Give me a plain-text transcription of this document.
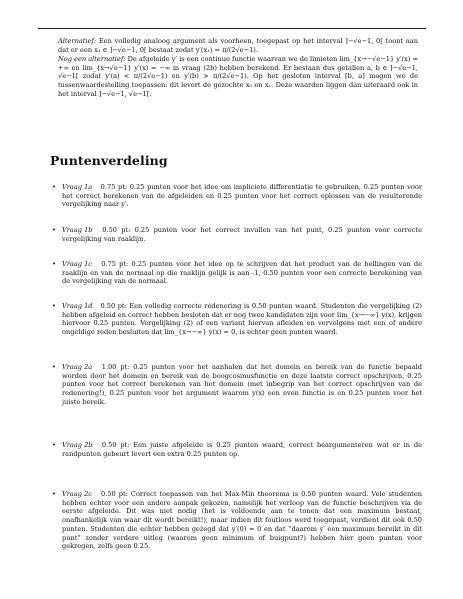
Alternatief: Een volledig analoog argument als voorheen, toegepast op het interval ]−√e−1, 0[ toont aan dat er een x₁ ∈ ]−√e−1, 0[ bestaat zodat y′(x₁) = π/(2√e−1).

Nog een alternatief: De afgeleide y′ is een continue functie waarvan we de limieten lim_{x→−√e−1} y′(x) = +∞ en lim_{x→√e−1} y′(x) = −∞ in vraag (2b) hebben berekend. Er bestaan dus getallen a, b ∈ ]−√e−1, √e−1[ zodat y′(a) < π/(2√e−1) en y′(b) > π/(2√e−1). Op het gesloten interval [b, a] mogen we de tussenwaardestelling toepassen: dit levert de gezochte x₀ en x₁. Deze waarden liggen dan uiteraard ook in het interval ]−√e−1, √e−1[.

Puntenverdeling
• Vraag 1a 0.75 pt: 0.25 punten voor het idee om impliciete differentiatie te gebruiken, 0.25 punten voor het correct berekenen van de afgeleiden en 0.25 punten voor het correct oplossen van de resulterende vergelijking naar y′.
• Vraag 1b 0.50 pt: 0.25 punten voor het correct invullen van het punt, 0.25 punten voor correcte vergelijking van raaklijn.
• Vraag 1c 0.75 pt: 0.25 punten voor het idee op te schrijven dat het product van de hellingen van de raaklijn en van de normaal op die raaklijn gelijk is aan -1, 0.50 punten voor een correcte berekening van de vergelijking van de normaal.
• Vraag 1d 0.50 pt: Een volledig correcte redenering is 0.50 punten waard. Studenten die vergelijking (2) hebben afgeleid en correct hebben besloten dat er nog twee kandidaten zijn voor lim_{x→−∞} y(x), krijgen hiervoor 0.25 punten. Vergelijking (2) of een variant hiervan afleiden en vervolgens met een of andere ongeldige reden besluiten dat lim_{x→−∞} y(x) = 0, is echter geen punten waard.
• Vraag 2a 1.00 pt: 0.25 punten voor het aanhalen dat het domein en bereik van de functie bepaald worden door het domein en bereik van de boogcosinusfunctie en deze laatste correct opschrijven, 0.25 punten voor het correct berekenen van het domein (met inbegrip van het correct opschrijven van de redenering!), 0.25 punten voor het argument waarom y(x) een even functie is en 0.25 punten voor het juiste bereik.
• Vraag 2b 0.50 pt: Een juiste afgeleide is 0.25 punten waard, correct beargumenteren wat er in de randpunten gebeurt levert een extra 0.25 punten op.
• Vraag 2c 0.50 pt: Correct toepassen van het Max-Min theorema is 0.50 punten waard. Vele studenten hebben echter voor een andere aanpak gekozen, namelijk het verloop van de functie beschrijven via de eerste afgeleide. Dit was niet nodig (het is voldoende aan te tonen dat een maximum bestaat, onafhankelijk van waar dit wordt bereikt!), maar indien dit foutloos werd toegepast, verdient dit ook 0.50 punten. Studenten die echter hebben gezegd dat y′(0) = 0 en dat “daarom y′ een maximum bereikt in dit punt” zonder verdere uitleg (waarom geen minimum of buigpunt?) hebben hier geen punten voor gekregen, zelfs geen 0.25.
